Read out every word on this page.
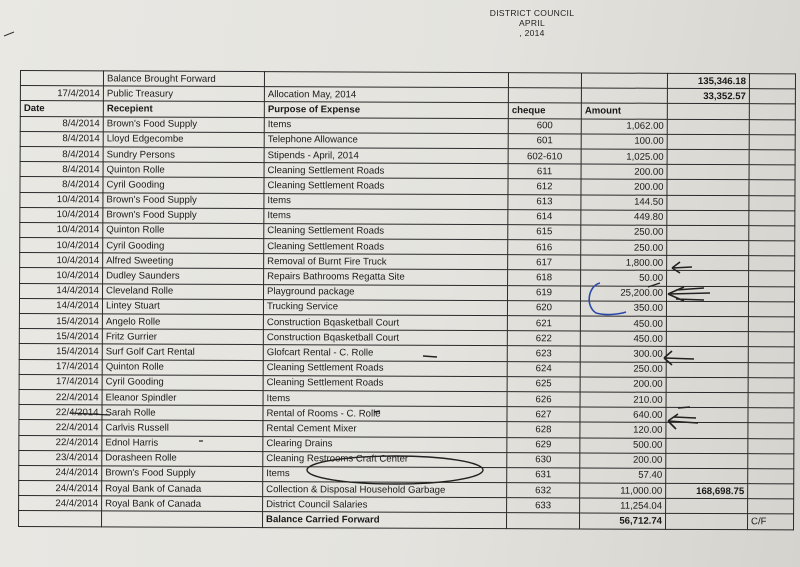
DISTRICT COUNCIL
APRIL
, 2014
	Balance Brought Forward				135,346.18	
17/4/2014	Public Treasury	Allocation May, 2014			33,352.57	
Date	Recepient	Purpose of Expense	cheque	Amount		
8/4/2014	Brown's Food Supply	Items	600	1,062.00		
8/4/2014	Lloyd Edgecombe	Telephone Allowance	601	100.00		
8/4/2014	Sundry Persons	Stipends - April, 2014	602-610	1,025.00		
8/4/2014	Quinton Rolle	Cleaning Settlement Roads	611	200.00		
8/4/2014	Cyril Gooding	Cleaning Settlement Roads	612	200.00		
10/4/2014	Brown's Food Supply	Items	613	144.50		
10/4/2014	Brown's Food Supply	Items	614	449.80		
10/4/2014	Quinton Rolle	Cleaning Settlement Roads	615	250.00		
10/4/2014	Cyril Gooding	Cleaning Settlement Roads	616	250.00		
10/4/2014	Alfred Sweeting	Removal of Burnt Fire Truck	617	1,800.00		
10/4/2014	Dudley Saunders	Repairs Bathrooms Regatta Site	618	50.00		
14/4/2014	Cleveland Rolle	Playground package	619	25,200.00		
14/4/2014	Lintey Stuart	Trucking Service	620	350.00		
15/4/2014	Angelo Rolle	Construction Bqasketball Court	621	450.00		
15/4/2014	Fritz Gurrier	Construction Bqasketball Court	622	450.00		
15/4/2014	Surf Golf Cart Rental	Glofcart Rental - C. Rolle	623	300.00		
17/4/2014	Quinton Rolle	Cleaning Settlement Roads	624	250.00		
17/4/2014	Cyril Gooding	Cleaning Settlement Roads	625	200.00		
22/4/2014	Eleanor Spindler	Items	626	210.00		
22/4/2014	Sarah Rolle	Rental of Rooms - C. Rolle	627	640.00		
22/4/2014	Carlvis Russell	Rental Cement Mixer	628	120.00		
22/4/2014	Ednol Harris	Clearing Drains	629	500.00		
23/4/2014	Dorasheen Rolle	Cleaning Restrooms Craft Center	630	200.00		
24/4/2014	Brown's Food Supply	Items	631	57.40		
24/4/2014	Royal Bank of Canada	Collection & Disposal Household Garbage	632	11,000.00	168,698.75	
24/4/2014	Royal Bank of Canada	District Council Salaries	633	11,254.04		
		Balance Carried Forward		56,712.74		C/F
